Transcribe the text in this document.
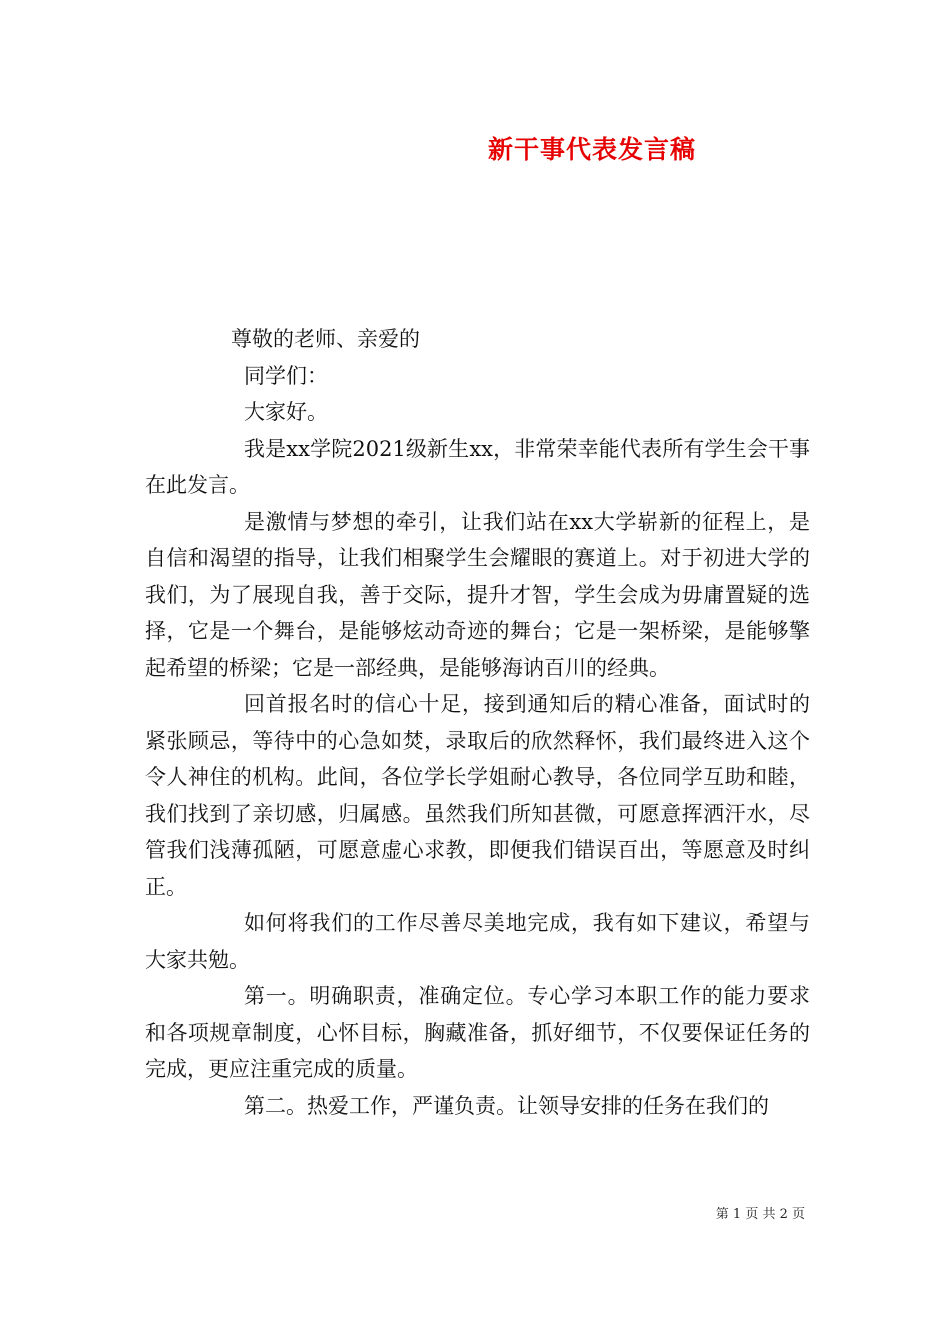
新干事代表发言稿
尊敬的老师、亲爱的
同学们：
大家好。
我是xx学院2021级新生xx，非常荣幸能代表所有学生会干事在此发言。
是激情与梦想的牵引，让我们站在xx大学崭新的征程上，是自信和渴望的指导，让我们相聚学生会耀眼的赛道上。对于初进大学的我们，为了展现自我，善于交际，提升才智，学生会成为毋庸置疑的选择，它是一个舞台，是能够炫动奇迹的舞台；它是一架桥梁，是能够擎起希望的桥梁；它是一部经典，是能够海讷百川的经典。
回首报名时的信心十足，接到通知后的精心准备，面试时的紧张顾忌，等待中的心急如焚，录取后的欣然释怀，我们最终进入这个令人神住的机构。此间，各位学长学姐耐心教导，各位同学互助和睦，我们找到了亲切感，归属感。虽然我们所知甚微，可愿意挥洒汗水，尽管我们浅薄孤陋，可愿意虚心求教，即便我们错误百出，等愿意及时纠正。
如何将我们的工作尽善尽美地完成，我有如下建议，希望与大家共勉。
第一。明确职责，准确定位。专心学习本职工作的能力要求和各项规章制度，心怀目标，胸藏准备，抓好细节，不仅要保证任务的完成，更应注重完成的质量。
第二。热爱工作，严谨负责。让领导安排的任务在我们的
第 1 页 共 2 页
